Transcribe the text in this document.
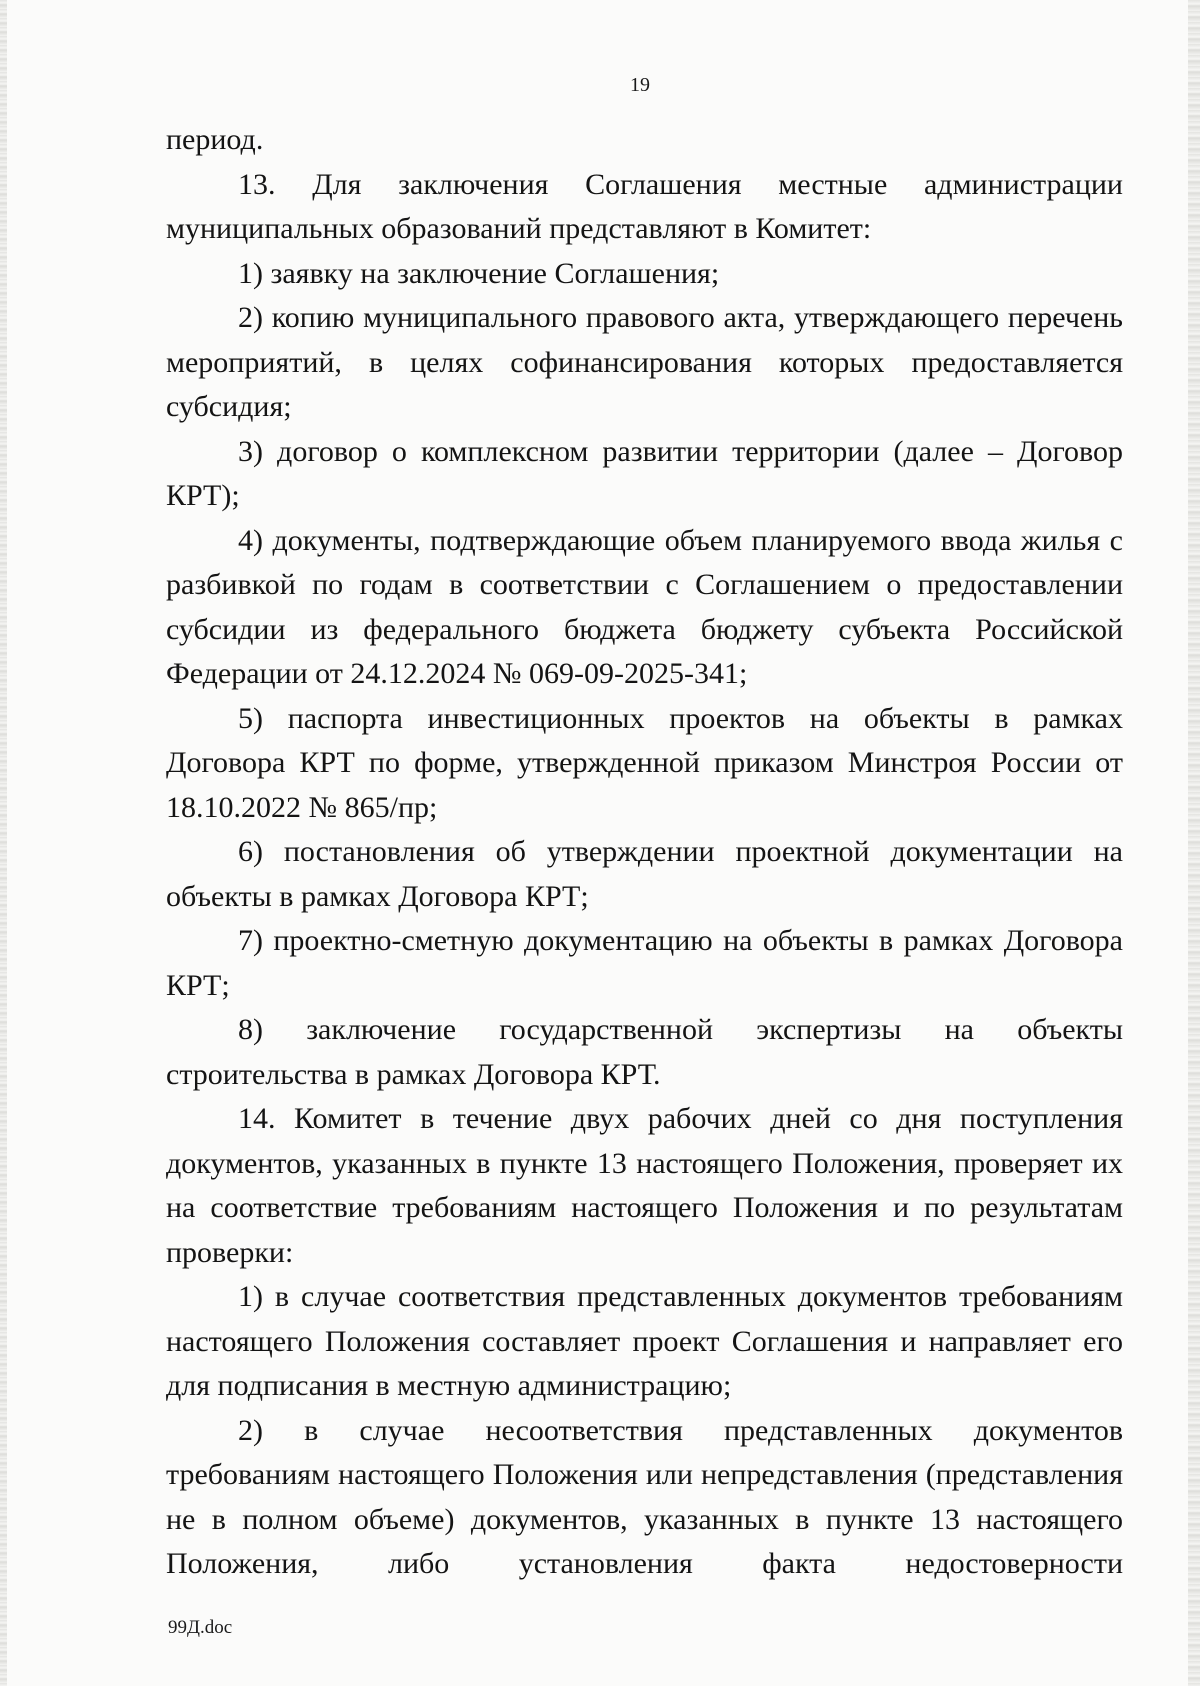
19

период.

13. Для заключения Соглашения местные администрации муниципальных образований представляют в Комитет:

1) заявку на заключение Соглашения;

2) копию муниципального правового акта, утверждающего перечень мероприятий, в целях софинансирования которых предоставляется субсидия;

3) договор о комплексном развитии территории (далее – Договор КРТ);

4) документы, подтверждающие объем планируемого ввода жилья с разбивкой по годам в соответствии с Соглашением о предоставлении субсидии из федерального бюджета бюджету субъекта Российской Федерации от 24.12.2024 № 069-09-2025-341;

5) паспорта инвестиционных проектов на объекты в рамках Договора КРТ по форме, утвержденной приказом Минстроя России от 18.10.2022 № 865/пр;

6) постановления об утверждении проектной документации на объекты в рамках Договора КРТ;

7) проектно-сметную документацию на объекты в рамках Договора КРТ;

8) заключение государственной экспертизы на объекты строительства в рамках Договора КРТ.

14. Комитет в течение двух рабочих дней со дня поступления документов, указанных в пункте 13 настоящего Положения, проверяет их на соответствие требованиям настоящего Положения и по результатам проверки:

1) в случае соответствия представленных документов требованиям настоящего Положения составляет проект Соглашения и направляет его для подписания в местную администрацию;

2) в случае несоответствия представленных документов требованиям настоящего Положения или непредставления (представления не в полном объеме) документов, указанных в пункте 13 настоящего Положения, либо установления факта недостоверности

99Д.doc
